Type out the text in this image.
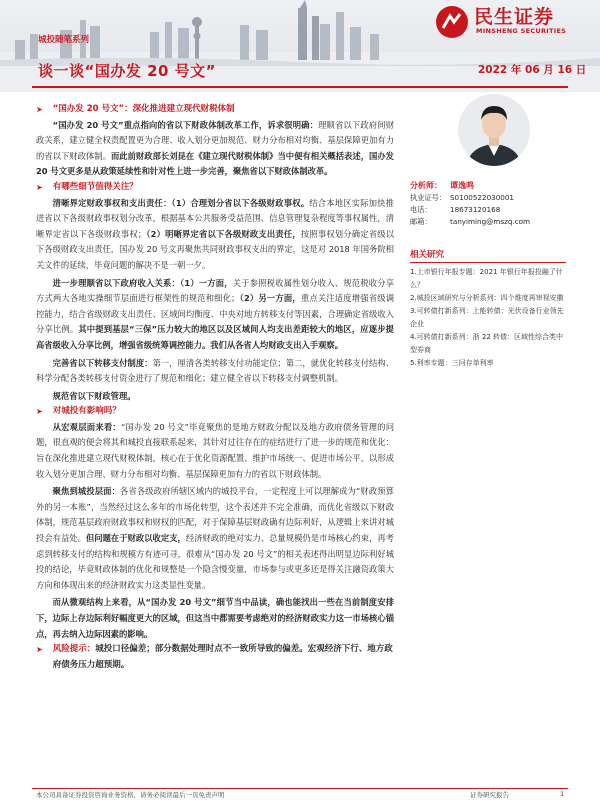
城投随笔系列
谈一谈“国办发 20 号文”
民生证券
MINSHENG SECURITIES
2022 年 06 月 16 日
➤ “国办发 20 号文”：深化推进建立现代财税体制
“国办发 20 号文”重点指向的省以下财政体制改革工作，诉求很明确：理顺省以下政府间财政关系，建立健全权责配置更为合理、收入划分更加规范、财力分布相对均衡、基层保障更加有力的省以下财政体制。而此前财政部长刘昆在《建立现代财税体制》当中便有相关概括表述，国办发 20 号文更多是从政策延续性和针对性上进一步完善，聚焦省以下财政体制改革。
➤ 有哪些细节值得关注？
清晰界定财政事权和支出责任：（1）合理划分省以下各级财政事权。结合本地区实际加快推进省以下各级财政事权划分改革，根据基本公共服务受益范围、信息管理复杂程度等事权属性，清晰界定省以下各级财政事权；（2）明晰界定省以下各级财政支出责任，按照事权划分确定省级以下各级财政支出责任，国办发 20 号文再聚焦共同财政事权支出的界定，这是对 2018 年国务院相关文件的延续，毕竟问题的解决不是一朝一夕。
进一步理顺省以下政府收入关系：（1）一方面，关于参照税收属性划分收入、规范税收分享方式两大各地实操细节层面进行框架性的规范和细化；（2）另一方面，重点关注适度增强省级调控能力，结合省级财政支出责任、区域间均衡度、中央对地方转移支付等因素，合理确定省级收入分享比例。其中提到基层“三保”压力较大的地区以及区域间人均支出差距较大的地区，应逐步提高省级收入分享比例，增强省级统筹调控能力。我们从各省人均财政支出入手观察。
完善省以下转移支付制度：第一，厘清各类转移支付功能定位；第二，就优化转移支付结构、科学分配各类转移支付资金进行了规范和细化；建立健全省以下转移支付调整机制。
规范省以下财政管理。
➤ 对城投有影响吗？
从宏观层面来看：“国办发 20 号文”毕竟聚焦的是地方财政分配以及地方政府债务管理的问题，很直观的便会将其和城投直接联系起来，其针对过往存在的症结进行了进一步的规范和优化：旨在深化推进建立现代财税体制，核心在于优化资源配置、维护市场统一、促进市场公平，以形成收入划分更加合理、财力分布相对均衡、基层保障更加有力的省以下财政体制。
聚焦到城投层面：各省各级政府所辖区域内的城投平台，一定程度上可以理解成为“财政预算外的另一本账”，当然经过这么多年的市场化转型，这个表述并不完全准确，而优化省级以下财政体制，规范基层政府财政事权和财权的匹配，对于保障基层财政确有边际利好，从逻辑上来讲对城投会有益处。但问题在于财政以收定支，经济财政的绝对实力、总量规模仍是市场核心约束，再考虑到转移支付的结构和规模方有迹可寻，很难从“国办发 20 号文”的相关表述得出明显边际利好城投的结论，毕竟财政体制的优化和规整是一个隐含慢变量，市场参与或更多还是得关注融资政策大方向和体现出来的经济财政实力这类显性变量。
而从微观结构上来看，从“国办发 20 号文”细节当中品读，确也能找出一些在当前制度安排下，边际上存边际利好幅度更大的区域，但这当中都需要考虑绝对的经济财政实力这一市场核心锚点，再去纳入边际因素的影响。
➤ 风险提示：城投口径偏差；部分数据处理时点不一致所导致的偏差。宏观经济下行、地方政府债务压力超预期。
分析师：	谭逸鸣
执业证号： S0100522030001
电话：	18673120168
邮箱：	tanyiming@mszq.com
相关研究
1.上市银行年报专题：2021 年银行年报投融了什么？
2.城投区域研究与分析系列：四个维度再审视安徽
3.可转债打新系列：上能转债：光伏设备行业领先企业
4.可转债打新系列：浙 22 转债：区域性综合类中型券商
5.利率专题：三问存单利率
本公司具备证券投资咨询业务资格，请务必阅读最后一页免责声明	证券研究报告	1
